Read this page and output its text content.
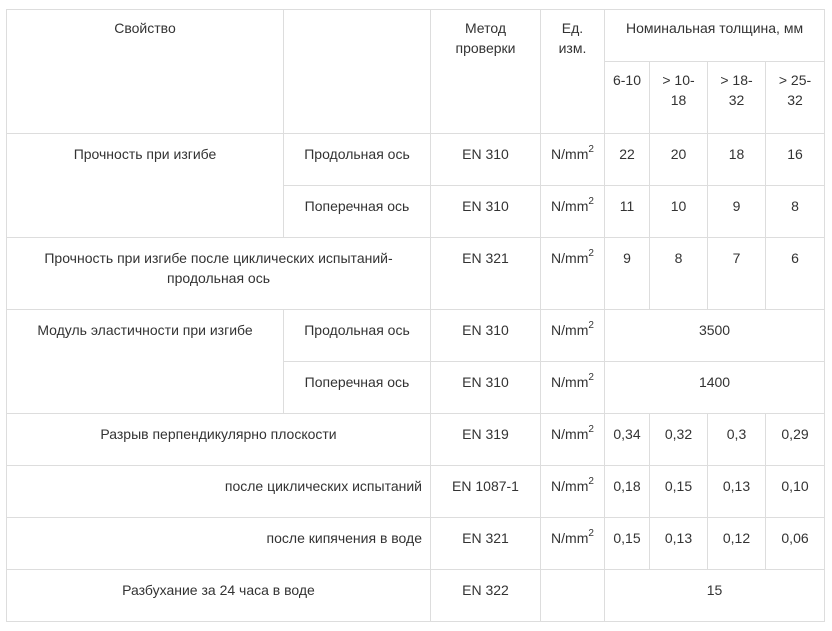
Свойство		Метод проверки	Ед. изм.	Номинальная толщина, мм			
				6-10	> 10-18	> 18-32	> 25-32
Прочность при изгибе	Продольная ось	EN 310	$N/mm^2$	22	20	18	16
	Поперечная ось	EN 310	$N/mm^2$	11	10	9	8
Прочность при изгибе после циклических испытаний-продольная ось		EN 321	$N/mm^2$	9	8	7	6
Модуль эластичности при изгибе	Продольная ось	EN 310	$N/mm^2$	3500			
	Поперечная ось	EN 310	$N/mm^2$	1400			
Разрыв перпендикулярно плоскости		EN 319	$N/mm^2$	0,34	0,32	0,3	0,29
после циклических испытаний		EN 1087-1	$N/mm^2$	0,18	0,15	0,13	0,10
после кипячения в воде		EN 321	$N/mm^2$	0,15	0,13	0,12	0,06
Разбухание за 24 часа в воде		EN 322		15			
